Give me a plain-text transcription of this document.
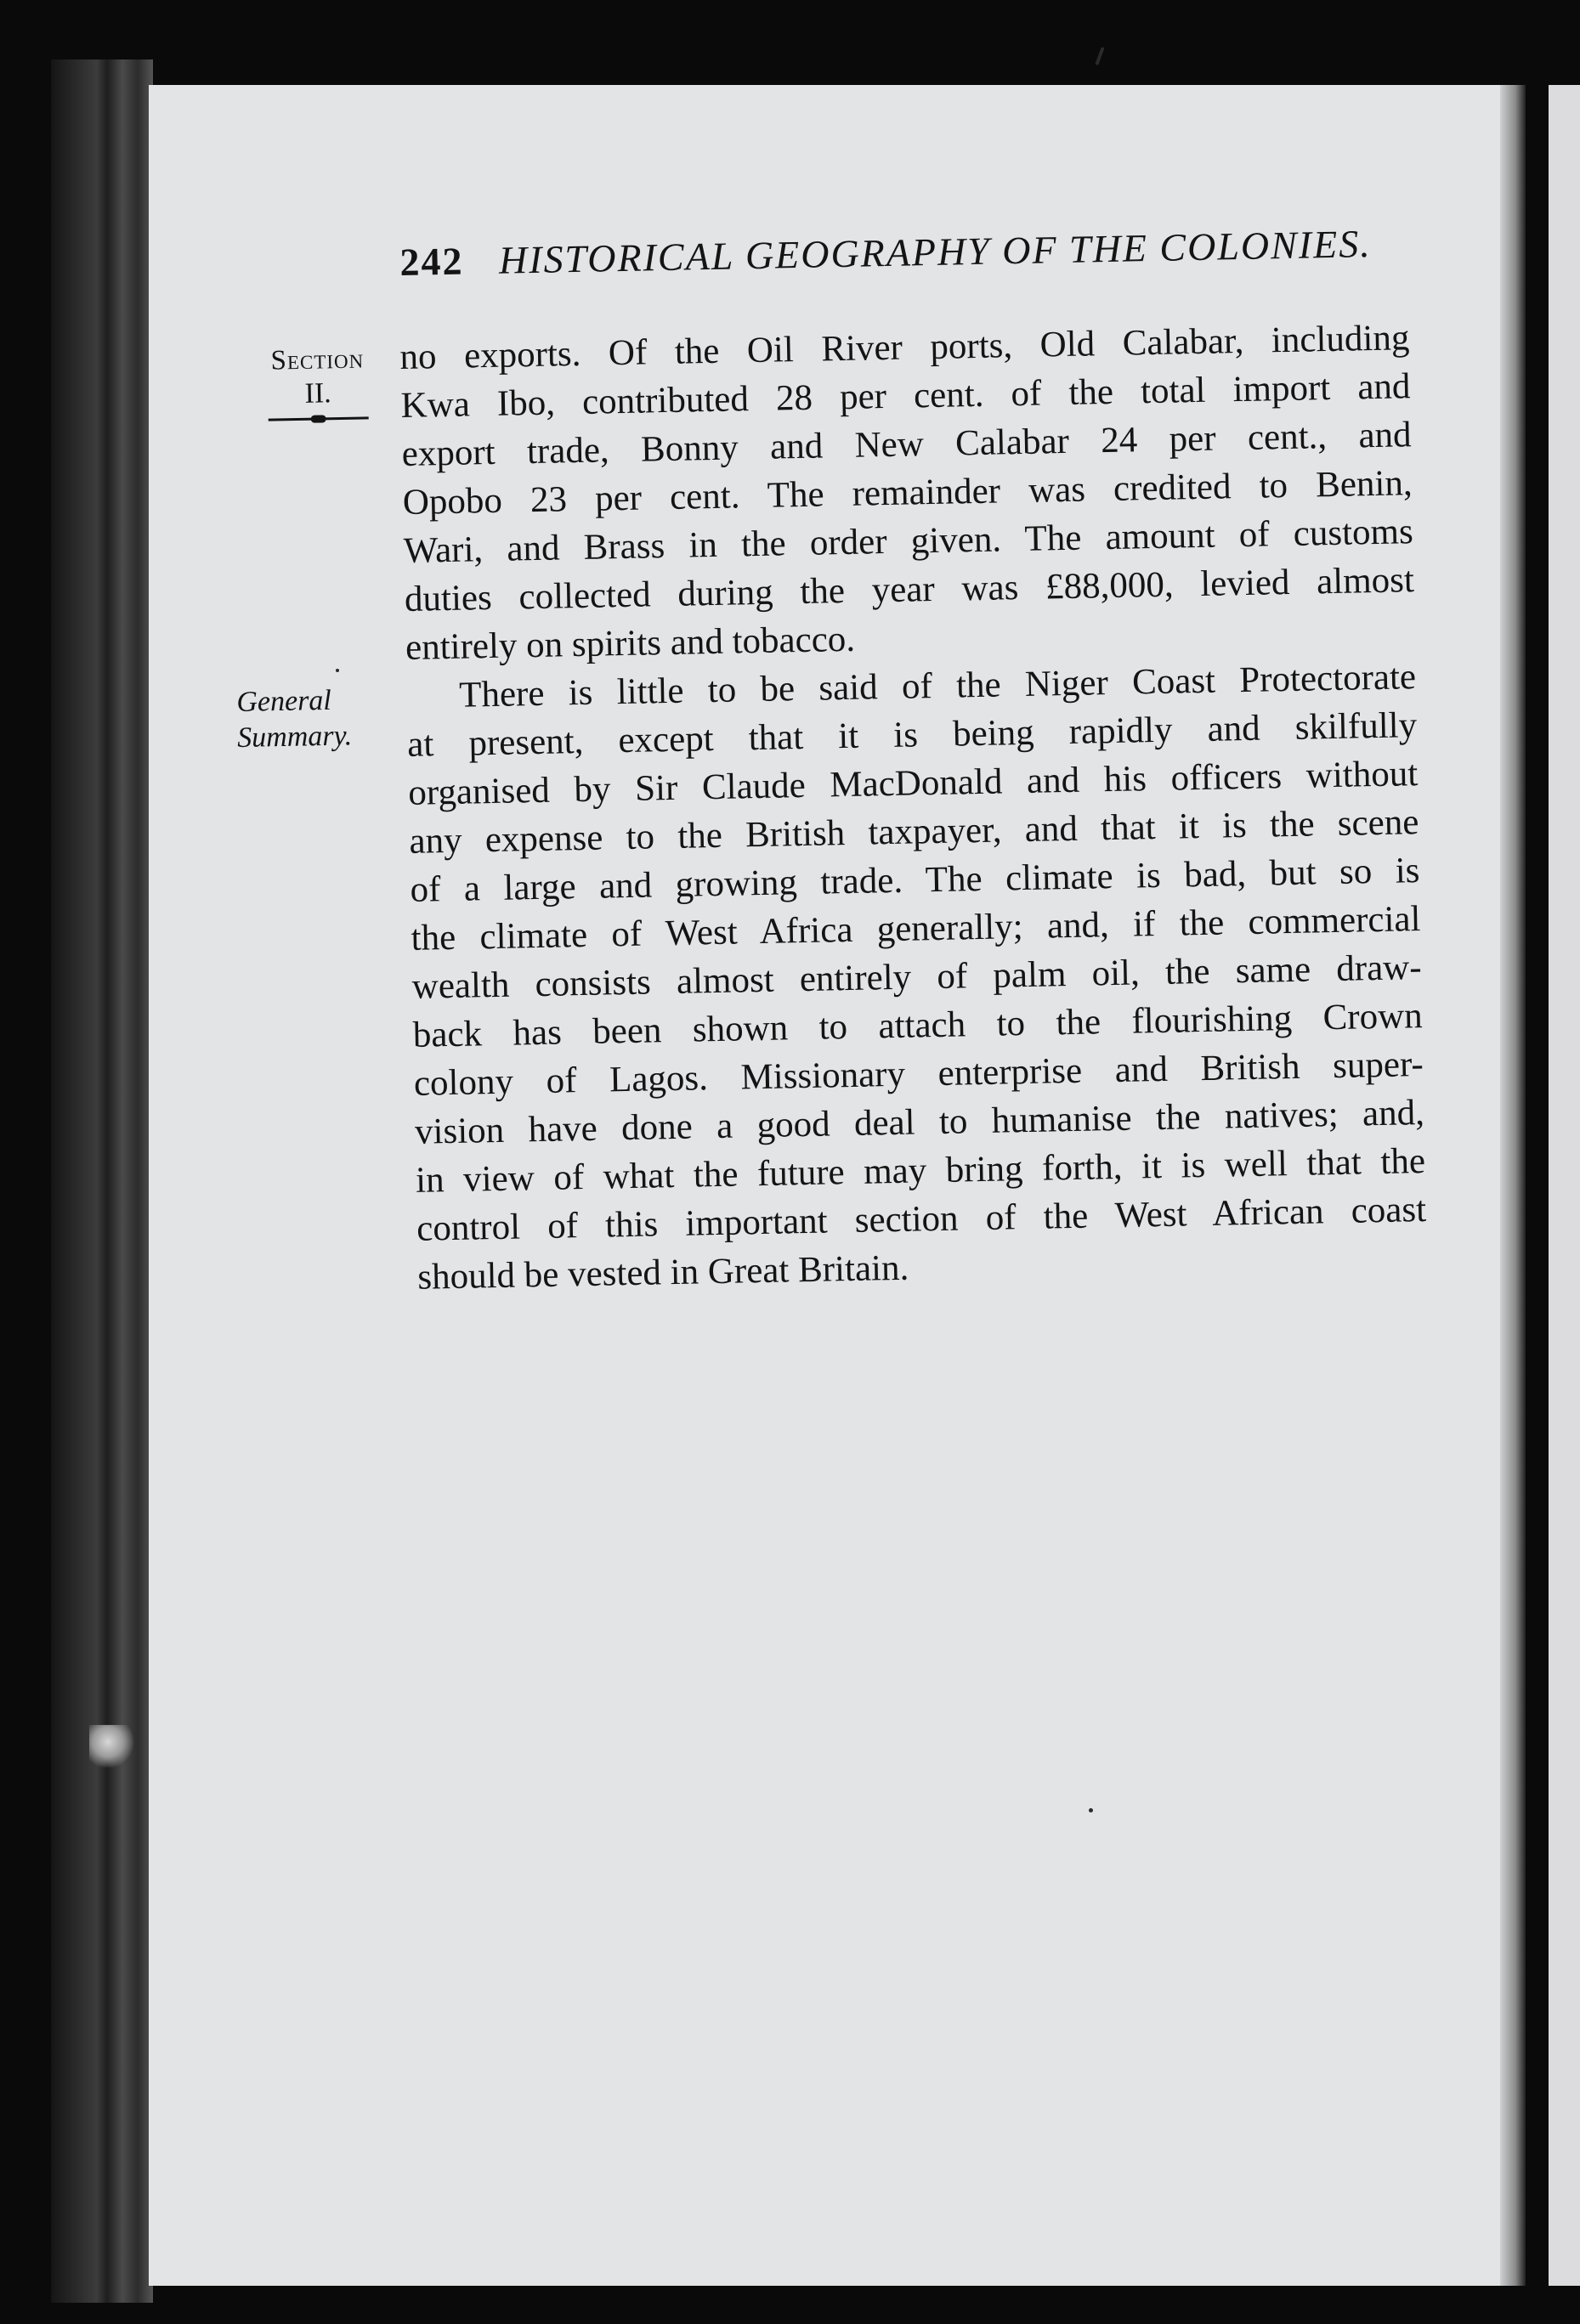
242 HISTORICAL GEOGRAPHY OF THE COLONIES.
Section
II.
General
Summary.
no exports. Of the Oil River ports, Old Calabar, including
Kwa Ibo, contributed 28 per cent. of the total import and
export trade, Bonny and New Calabar 24 per cent., and
Opobo 23 per cent. The remainder was credited to Benin,
Wari, and Brass in the order given. The amount of customs
duties collected during the year was £88,000, levied almost
entirely on spirits and tobacco.
There is little to be said of the Niger Coast Protectorate
at present, except that it is being rapidly and skilfully
organised by Sir Claude MacDonald and his officers without
any expense to the British taxpayer, and that it is the scene
of a large and growing trade. The climate is bad, but so is
the climate of West Africa generally; and, if the commercial
wealth consists almost entirely of palm oil, the same draw-
back has been shown to attach to the flourishing Crown
colony of Lagos. Missionary enterprise and British super-
vision have done a good deal to humanise the natives; and,
in view of what the future may bring forth, it is well that the
control of this important section of the West African coast
should be vested in Great Britain.
